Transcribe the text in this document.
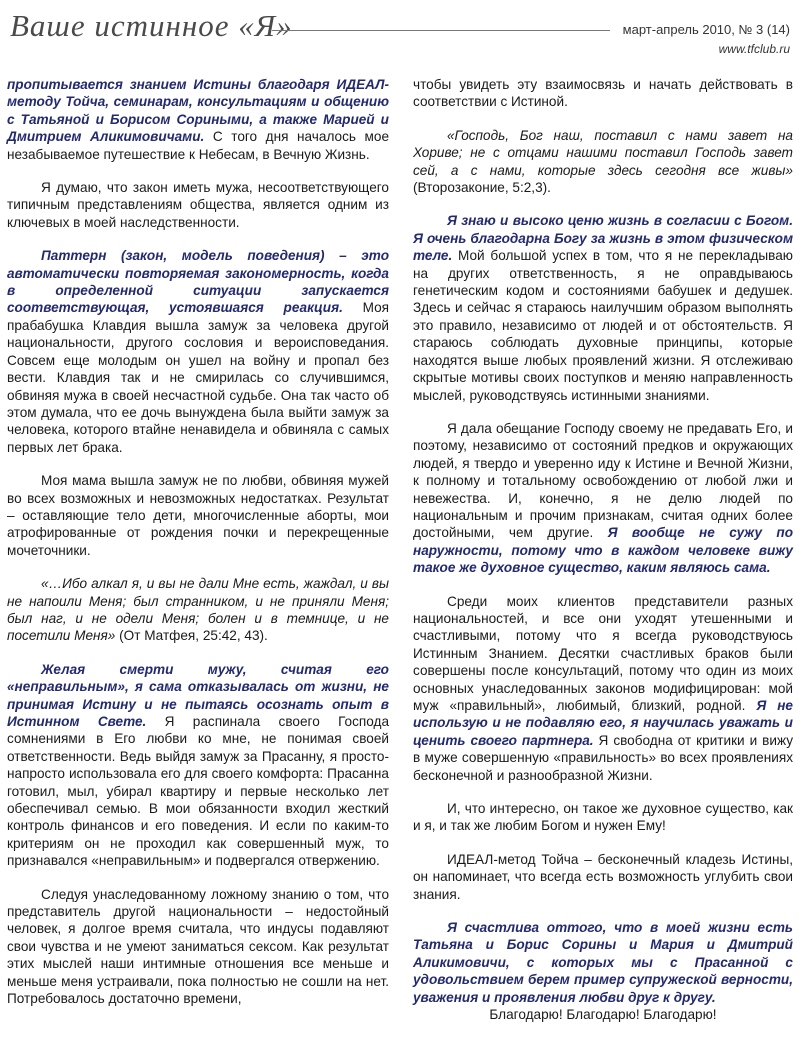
Ваше истинное «Я»	март-апрель 2010, № 3 (14)
www.tfclub.ru

пропитывается знанием Истины благодаря ИДЕАЛ-методу Тойча, семинарам, консультациям и общению с Татьяной и Борисом Сориными, а также Марией и Дмитрием Аликимовичами. С того дня началось мое незабываемое путешествие к Небесам, в Вечную Жизнь.

Я думаю, что закон иметь мужа, несоответствующего типичным представлениям общества, является одним из ключевых в моей наследственности.

Паттерн (закон, модель поведения) – это автоматически повторяемая закономерность, когда в определенной ситуации запускается соответствующая, устоявшаяся реакция. Моя прабабушка Клавдия вышла замуж за человека другой национальности, другого сословия и вероисповедания. Совсем еще молодым он ушел на войну и пропал без вести. Клавдия так и не смирилась со случившимся, обвиняя мужа в своей несчастной судьбе. Она так часто об этом думала, что ее дочь вынуждена была выйти замуж за человека, которого втайне ненавидела и обвиняла с самых первых лет брака.

Моя мама вышла замуж не по любви, обвиняя мужей во всех возможных и невозможных недостатках. Результат – оставляющие тело дети, многочисленные аборты, мои атрофированные от рождения почки и перекрещенные мочеточники.

«…Ибо алкал я, и вы не дали Мне есть, жаждал, и вы не напоили Меня; был странником, и не приняли Меня; был наг, и не одели Меня; болен и в темнице, и не посетили Меня» (От Матфея, 25:42, 43).

Желая смерти мужу, считая его «неправильным», я сама отказывалась от жизни, не принимая Истину и не пытаясь осознать опыт в Истинном Свете. Я распинала своего Господа сомнениями в Его любви ко мне, не понимая своей ответственности. Ведь выйдя замуж за Прасанну, я просто-напросто использовала его для своего комфорта: Прасанна готовил, мыл, убирал квартиру и первые несколько лет обеспечивал семью. В мои обязанности входил жесткий контроль финансов и его поведения. И если по каким-то критериям он не проходил как совершенный муж, то признавался «неправильным» и подвергался отвержению.

Следуя унаследованному ложному знанию о том, что представитель другой национальности – недостойный человек, я долгое время считала, что индусы подавляют свои чувства и не умеют заниматься сексом. Как результат этих мыслей наши интимные отношения все меньше и меньше меня устраивали, пока полностью не сошли на нет. Потребовалось достаточно времени,

чтобы увидеть эту взаимосвязь и начать действовать в соответствии с Истиной.

«Господь, Бог наш, поставил с нами завет на Хориве; не с отцами нашими поставил Господь завет сей, а с нами, которые здесь сегодня все живы» (Второзаконие, 5:2,3).

Я знаю и высоко ценю жизнь в согласии с Богом. Я очень благодарна Богу за жизнь в этом физическом теле. Мой большой успех в том, что я не перекладываю на других ответственность, я не оправдываюсь генетическим кодом и состояниями бабушек и дедушек. Здесь и сейчас я стараюсь наилучшим образом выполнять это правило, независимо от людей и от обстоятельств. Я стараюсь соблюдать духовные принципы, которые находятся выше любых проявлений жизни. Я отслеживаю скрытые мотивы своих поступков и меняю направленность мыслей, руководствуясь истинными знаниями.

Я дала обещание Господу своему не предавать Его, и поэтому, независимо от состояний предков и окружающих людей, я твердо и уверенно иду к Истине и Вечной Жизни, к полному и тотальному освобождению от любой лжи и невежества. И, конечно, я не делю людей по национальным и прочим признакам, считая одних более достойными, чем другие. Я вообще не сужу по наружности, потому что в каждом человеке вижу такое же духовное существо, каким являюсь сама.

Среди моих клиентов представители разных национальностей, и все они уходят утешенными и счастливыми, потому что я всегда руководствуюсь Истинным Знанием. Десятки счастливых браков были совершены после консультаций, потому что один из моих основных унаследованных законов модифицирован: мой муж «правильный», любимый, близкий, родной. Я не использую и не подавляю его, я научилась уважать и ценить своего партнера. Я свободна от критики и вижу в муже совершенную «правильность» во всех проявлениях бесконечной и разнообразной Жизни.

И, что интересно, он такое же духовное существо, как и я, и так же любим Богом и нужен Ему!

ИДЕАЛ-метод Тойча – бесконечный кладезь Истины, он напоминает, что всегда есть возможность углубить свои знания.

Я счастлива оттого, что в моей жизни есть Татьяна и Борис Сорины и Мария и Дмитрий Аликимовичи, с которых мы с Прасанной с удовольствием берем пример супружеской верности, уважения и проявления любви друг к другу.

Благодарю! Благодарю! Благодарю!
